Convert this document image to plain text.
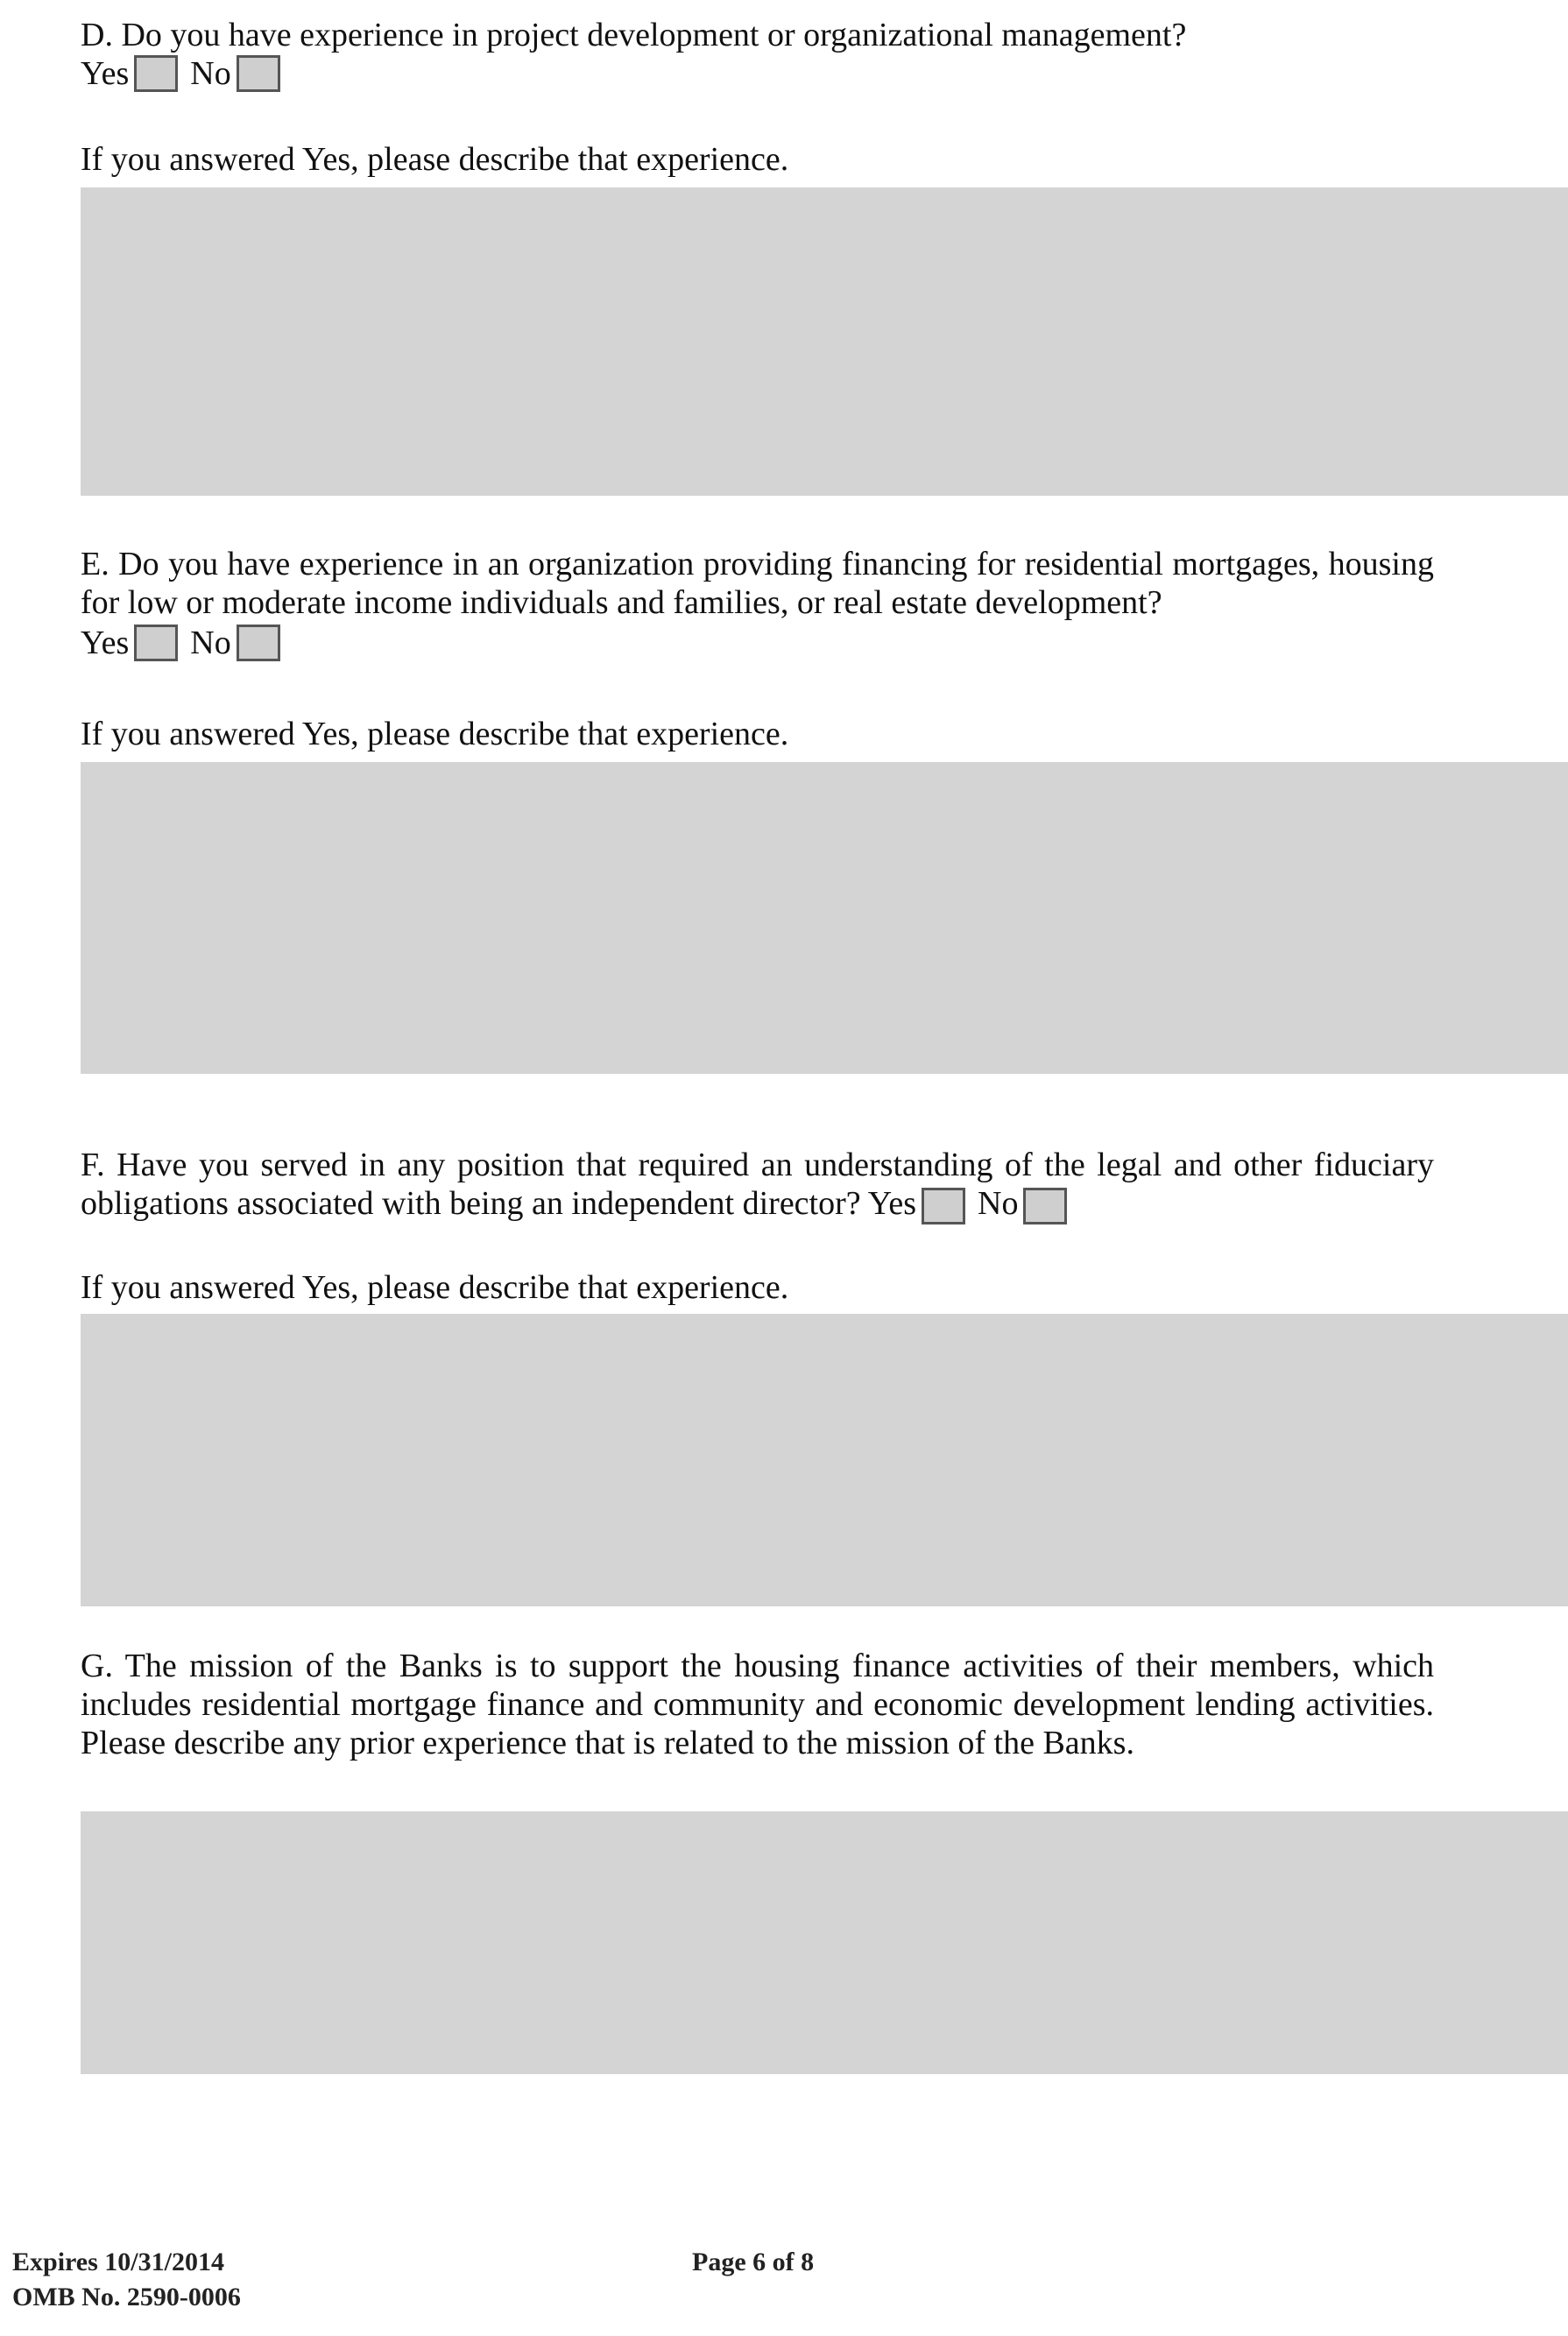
D. Do you have experience in project development or organizational management?

Yes No

If you answered Yes, please describe that experience.

E. Do you have experience in an organization providing financing for residential mortgages, housing for low or moderate income individuals and families, or real estate development?

Yes No

If you answered Yes, please describe that experience.

F. Have you served in any position that required an understanding of the legal and other fiduciary obligations associated with being an independent director? Yes No

If you answered Yes, please describe that experience.

G. The mission of the Banks is to support the housing finance activities of their members, which includes residential mortgage finance and community and economic development lending activities. Please describe any prior experience that is related to the mission of the Banks.

Expires 10/31/2014
OMB No. 2590-0006
Page 6 of 8
